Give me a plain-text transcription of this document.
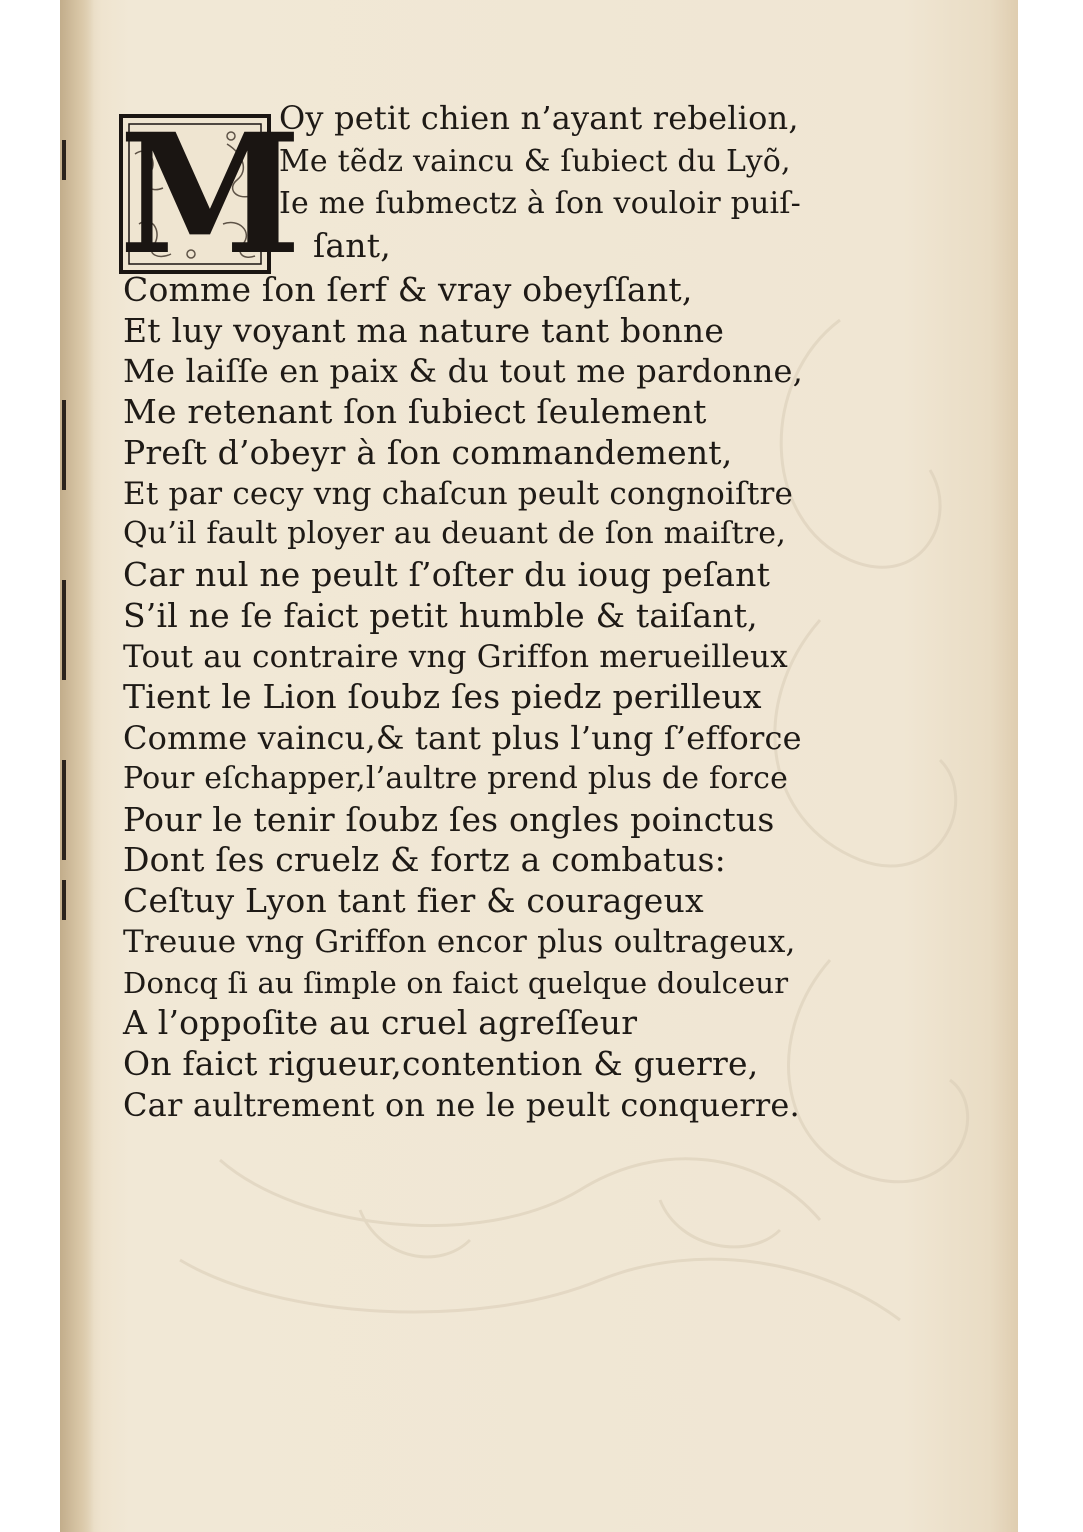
M
Oy petit chien n’ayant rebelion,
Me tẽdz vaincu & ſubieᴄt du Lyõ,
Ie me ſubmeᴄtz à ſon vouloir puiſ-
ſant,
Comme ſon ſerf & vray obeyſſant,
Et luy voyant ma nature tant bonne
Me laiſſe en paix & du tout me pardonne,
Me retenant ſon ſubieᴄt ſeulement
Preſt d’obeyr à ſon commandement,
Et par cecy vng chaſcun peult congnoiſtre
Qu’il fault ployer au deuant de ſon maiſtre,
Car nul ne peult ſ’oſter du ioug peſant
S’il ne ſe faiᴄt petit humble & taiſant,
Tout au contraire vng Griffon merueilleux
Tient le Lion ſoubz ſes piedz perilleux
Comme vaincu,& tant plus l’ung ſ’efforce
Pour eſchapper,l’aultre prend plus de force
Pour le tenir ſoubz ſes ongles poinᴄtus
Dont ſes cruelz & fortz a combatus:
Ceſtuy Lyon tant fier & courageux
Treuue vng Griffon encor plus oultrageux,
Doncq ſi au ſimple on faiᴄt quelque doulceur
A l’oppoſite au cruel agreſſeur
On faiᴄt rigueur,contention & guerre,
Car aultrement on ne le peult conquerre.
